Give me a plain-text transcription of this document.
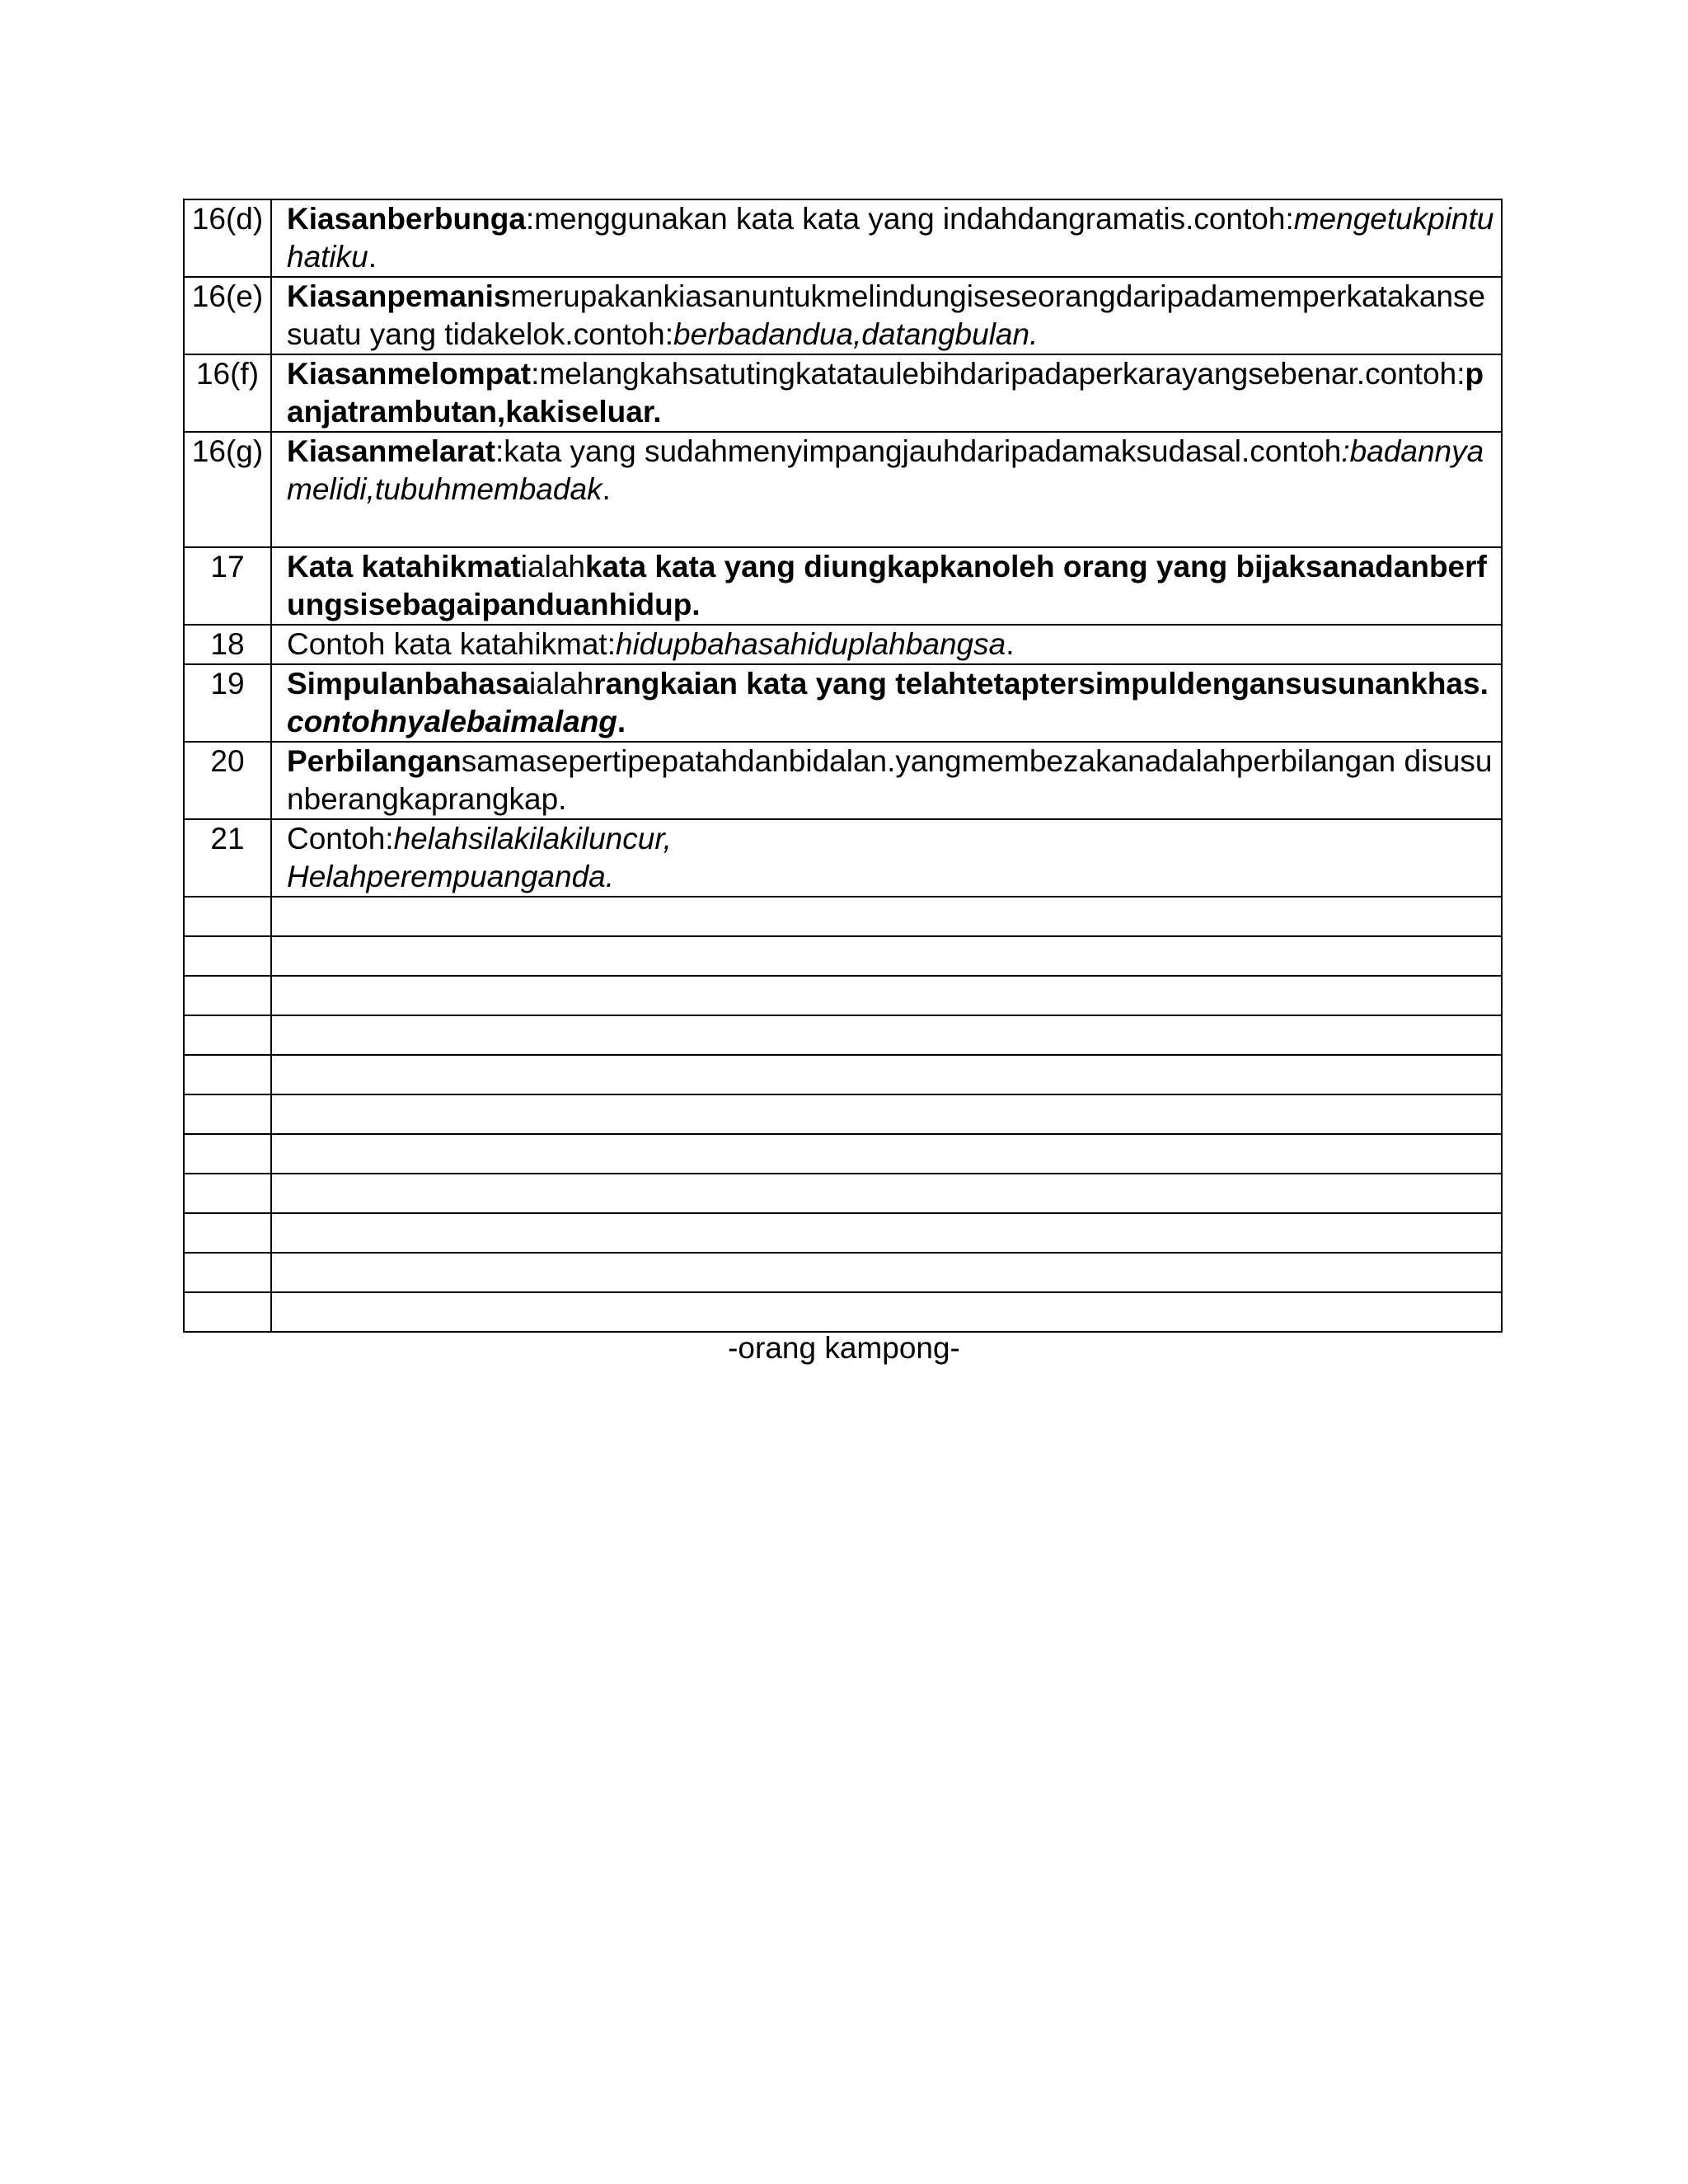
16(d)	Kiasanberbunga:menggunakan kata kata yang indahdangramatis.contoh:mengetukpintuhatiku.
16(e)	Kiasanpemanismerupakankiasanuntukmelindungiseseorangdaripadamemperkatakansesuatu yang tidakelok.contoh:berbadandua,datangbulan.
16(f)	Kiasanmelompat:melangkahsatutingkatataulebihdaripadaperkarayangsebenar.contoh:panjatrambutan,kakiseluar.
16(g)	Kiasanmelarat:kata yang sudahmenyimpangjauhdaripadamaksudasal.contoh:badannyamelidi,tubuhmembadak.
17	Kata katahikmatialahkata kata yang diungkapkanoleh orang yang bijaksanadanberfungsisebagaipanduanhidup.
18	Contoh kata katahikmat:hidupbahasahiduplahbangsa.
19	Simpulanbahasaialahrangkaian kata yang telahtetaptersimpuldengansusunankhas.contohnyalebaimalang.
20	Perbilangansamasepertipepatahdanbidalan.yangmembezakanadalahperbilangan disusunberangkaprangkap.
21	Contoh:helahsilakilakiluncur,
Helahperempuanganda.

-orang kampong-
